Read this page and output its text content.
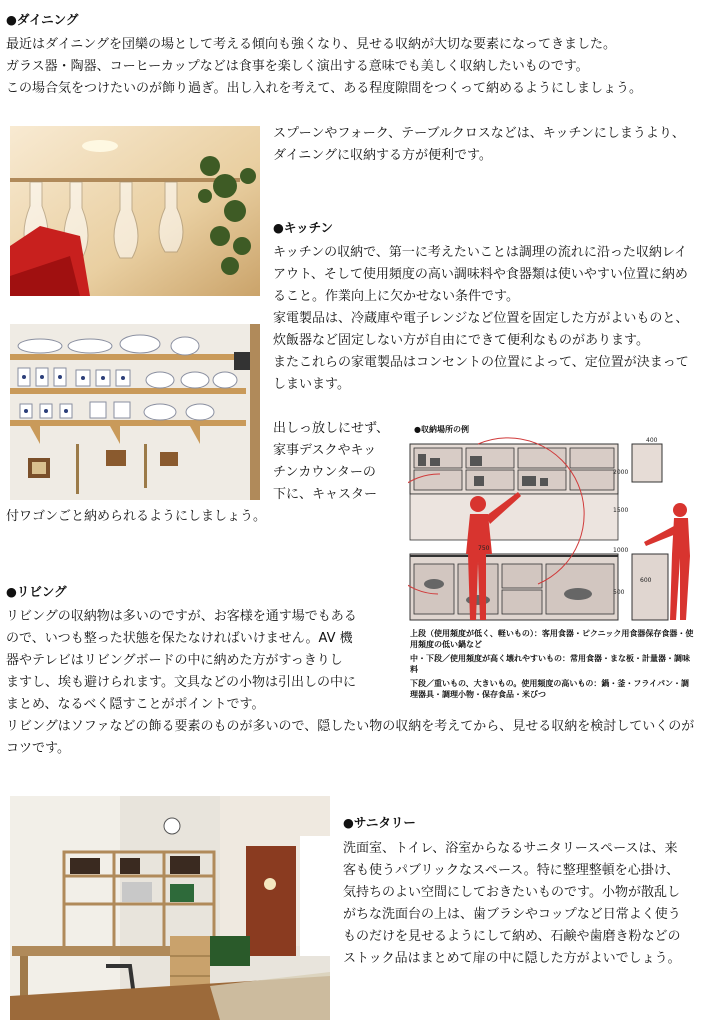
●ダイニング

最近はダイニングを団欒の場として考える傾向も強くなり、見せる収納が大切な要素になってきました。

ガラス器・陶器、コーヒーカップなどは食事を楽しく演出する意味でも美しく収納したいものです。

この場合気をつけたいのが飾り過ぎ。出し入れを考えて、ある程度隙間をつくって納めるようにしましょう。

スプーンやフォーク、テーブルクロスなどは、キッチンにしまうより、ダイニングに収納する方が便利です。

●キッチン

キッチンの収納で、第一に考えたいことは調理の流れに沿った収納レイアウト、そして使用頻度の高い調味料や食器類は使いやすい位置に納めること。作業向上に欠かせない条件です。

家電製品は、冷蔵庫や電子レンジなど位置を固定した方がよいものと、炊飯器など固定しない方が自由にできて便利なものがあります。

またこれらの家電製品はコンセントの位置によって、定位置が決まってしまいます。

出しっ放しにせず、

家事デスクやキッ

チンカウンターの

下に、キャスター

付ワゴンごと納められるようにしましょう。

●収納場所の例
400
2000
1500
1000
500
750
600

上段（使用頻度が低く、軽いもの）：客用食器・ピクニック用食器保存食器・使用頻度の低い鍋など

中・下段／使用頻度が高く壊れやすいもの：常用食器・まな板・計量器・調味料

下段／重いもの、大きいもの。使用頻度の高いもの：鍋・釜・フライパン・調理器具・調理小物・保存食品・米びつ

●リビング

リビングの収納物は多いのですが、お客様を通す場でもある

ので、いつも整った状態を保たなければいけません。AV 機

器やテレビはリビングボードの中に納めた方がすっきりし

ますし、埃も避けられます。文具などの小物は引出しの中に

まとめ、なるべく隠すことがポイントです。

リビングはソファなどの飾る要素のものが多いので、隠したい物の収納を考えてから、見せる収納を検討していくのがコツです。

●サニタリー

洗面室、トイレ、浴室からなるサニタリースペースは、来客も使うパブリックなスペース。特に整理整頓を心掛け、気持ちのよい空間にしておきたいものです。小物が散乱しがちな洗面台の上は、歯ブラシやコップなど日常よく使うものだけを見せるようにして納め、石鹸や歯磨き粉などのストック品はまとめて扉の中に隠した方がよいでしょう。
